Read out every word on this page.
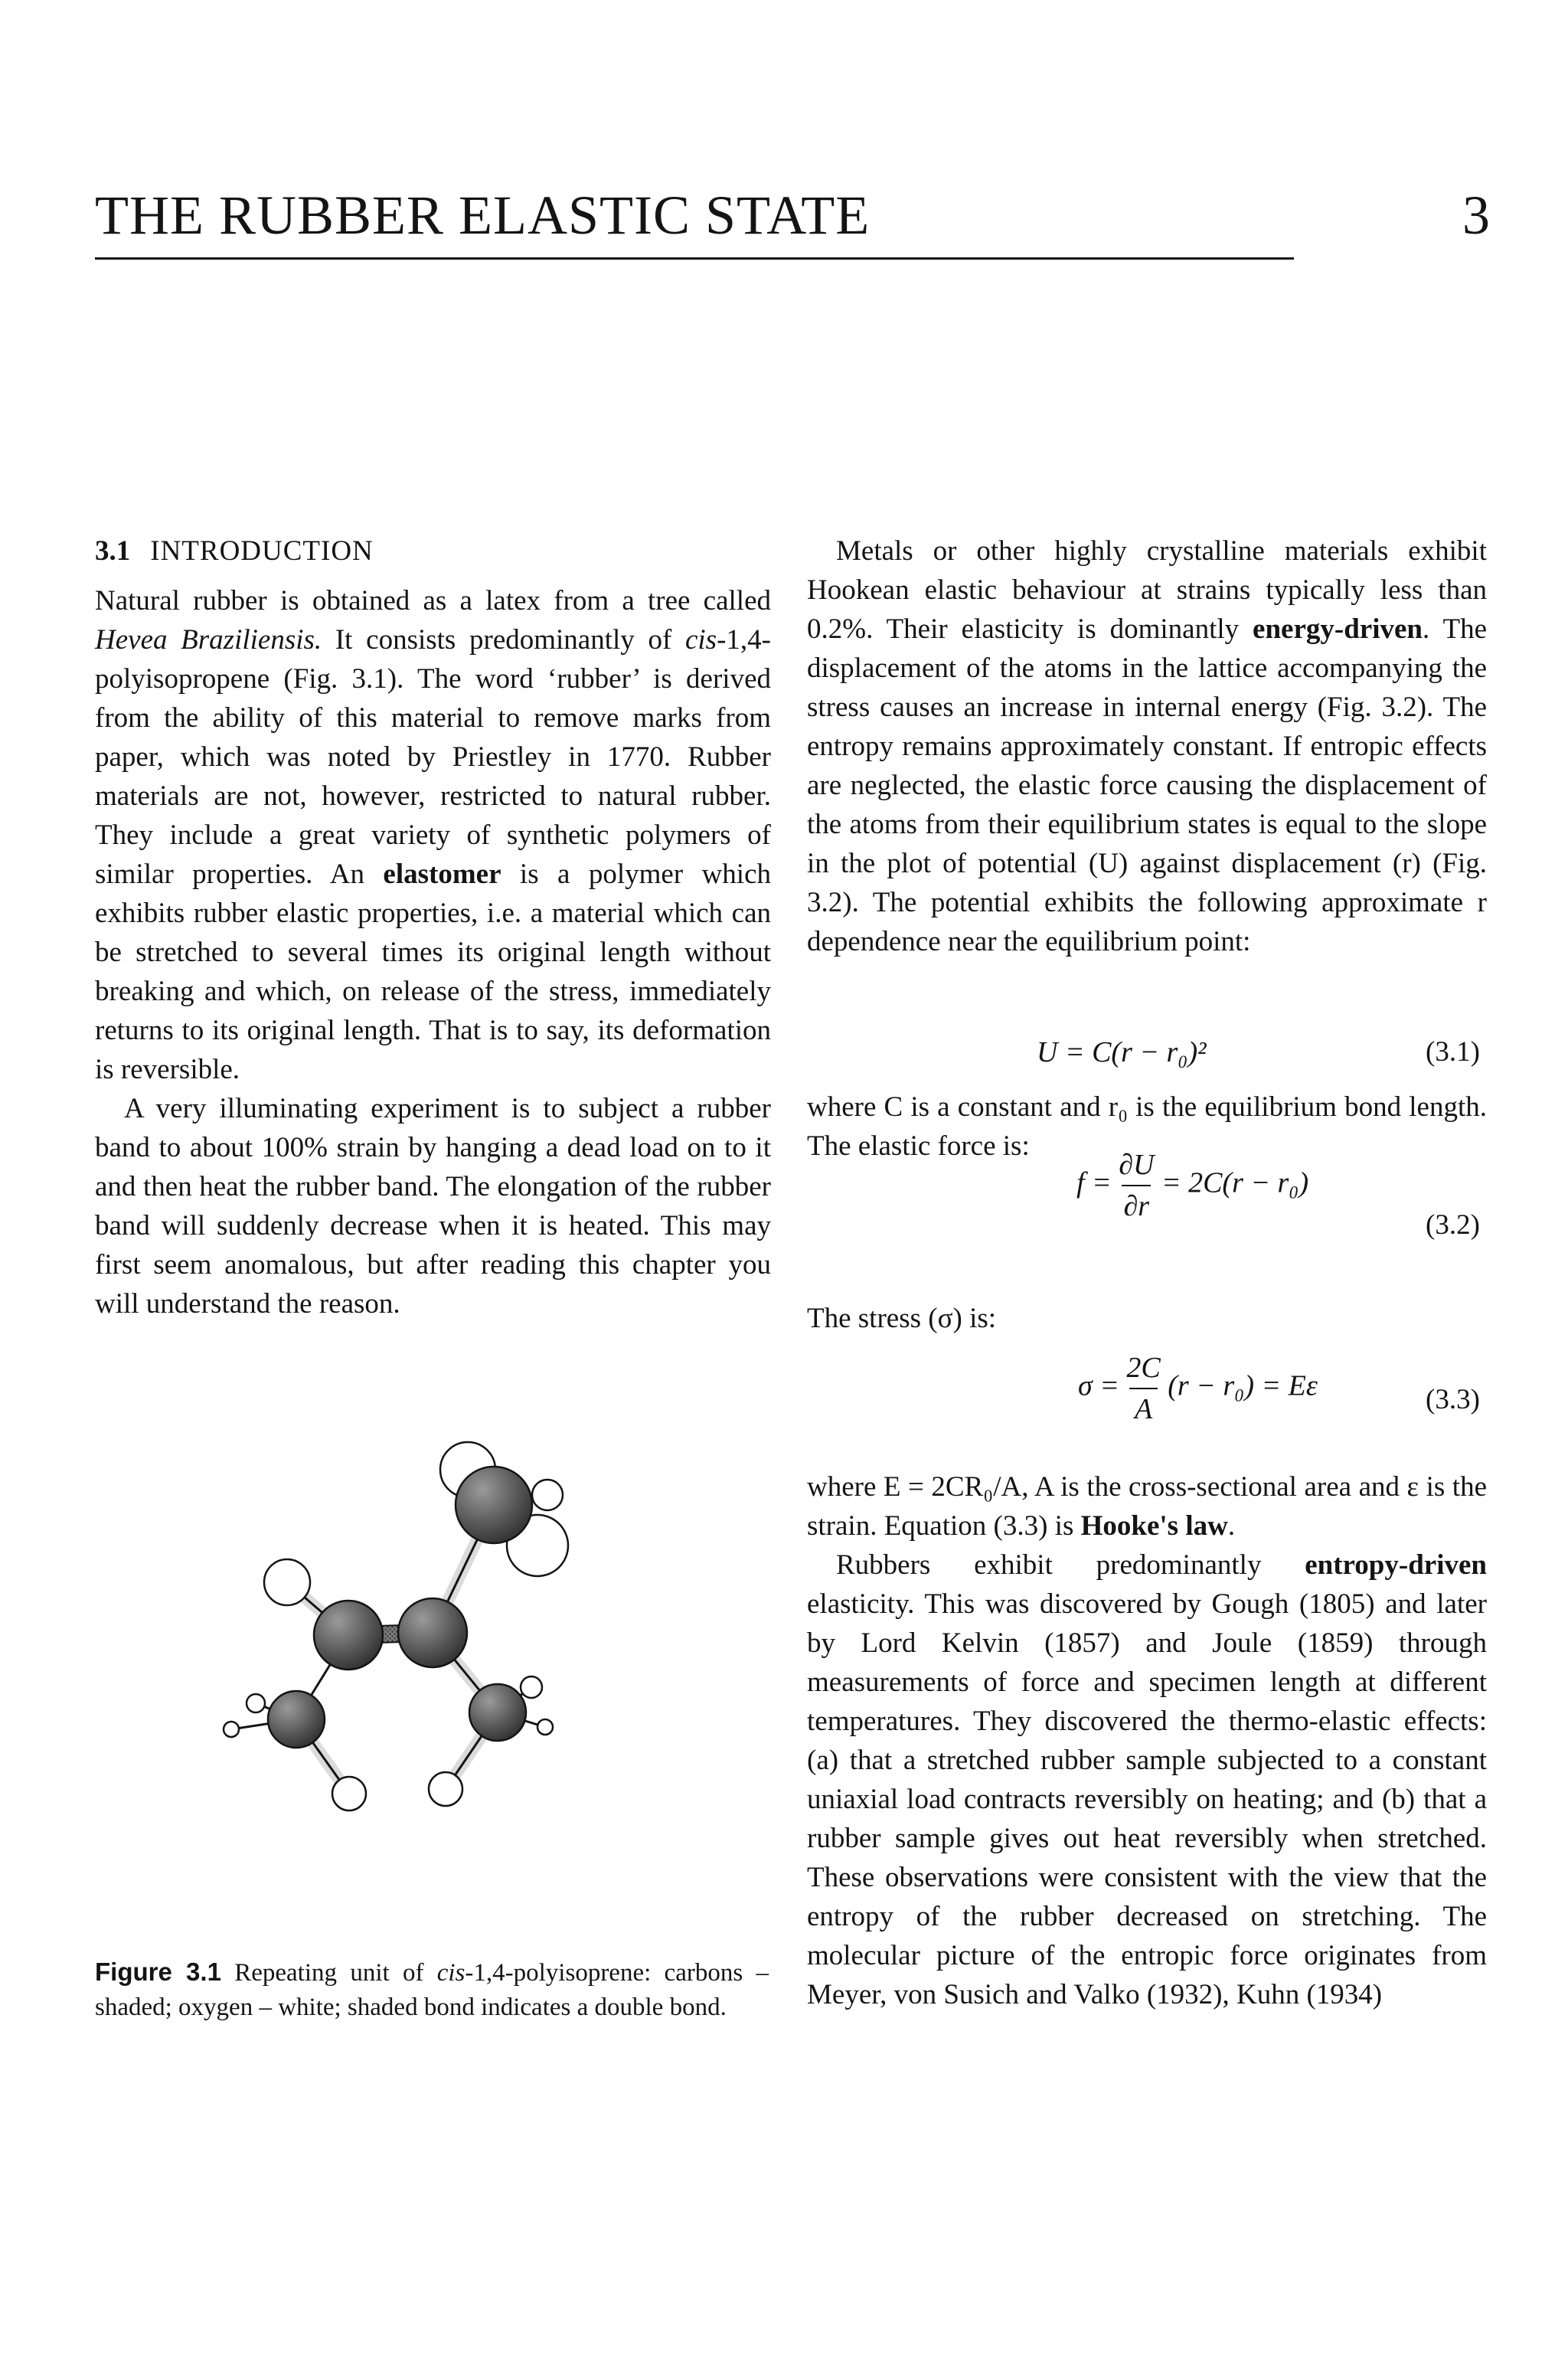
THE RUBBER ELASTIC STATE	3
3.1 INTRODUCTION

Natural rubber is obtained as a latex from a tree called Hevea Braziliensis. It consists predominantly of cis-1,4-polyisopropene (Fig. 3.1). The word ‘rubber’ is derived from the ability of this material to remove marks from paper, which was noted by Priestley in 1770. Rubber materials are not, however, restricted to natural rubber. They include a great variety of synthetic polymers of similar properties. An elastomer is a polymer which exhibits rubber elastic properties, i.e. a material which can be stretched to several times its original length without breaking and which, on release of the stress, immediately returns to its original length. That is to say, its deformation is reversible.

A very illuminating experiment is to subject a rubber band to about 100% strain by hanging a dead load on to it and then heat the rubber band. The elongation of the rubber band will suddenly decrease when it is heated. This may first seem anomalous, but after reading this chapter you will understand the reason.

Figure 3.1 Repeating unit of cis-1,4-polyisoprene: carbons – shaded; oxygen – white; shaded bond indicates a double bond.

Metals or other highly crystalline materials exhibit Hookean elastic behaviour at strains typically less than 0.2%. Their elasticity is dominantly energy-driven. The displacement of the atoms in the lattice accompanying the stress causes an increase in internal energy (Fig. 3.2). The entropy remains approximately constant. If entropic effects are neglected, the elastic force causing the displacement of the atoms from their equilibrium states is equal to the slope in the plot of potential (U) against displacement (r) (Fig. 3.2). The potential exhibits the following approximate r dependence near the equilibrium point:

U = C(r − r₀)²	(3.1)
where C is a constant and r₀ is the equilibrium bond length. The elastic force is:
$f = \frac{\partial U}{\partial r} = 2C(r - r_0)$
(3.2)
The stress (σ) is:
$\sigma = \frac{2C}{A} (r - r_0) = E\varepsilon$	(3.3)

where E = 2CR₀/A, A is the cross-sectional area and ε is the strain. Equation (3.3) is Hooke's law.

Rubbers exhibit predominantly entropy-driven elasticity. This was discovered by Gough (1805) and later by Lord Kelvin (1857) and Joule (1859) through measurements of force and specimen length at different temperatures. They discovered the thermo-elastic effects: (a) that a stretched rubber sample subjected to a constant uniaxial load contracts reversibly on heating; and (b) that a rubber sample gives out heat reversibly when stretched. These observations were consistent with the view that the entropy of the rubber decreased on stretching. The molecular picture of the entropic force originates from Meyer, von Susich and Valko (1932), Kuhn (1934)
